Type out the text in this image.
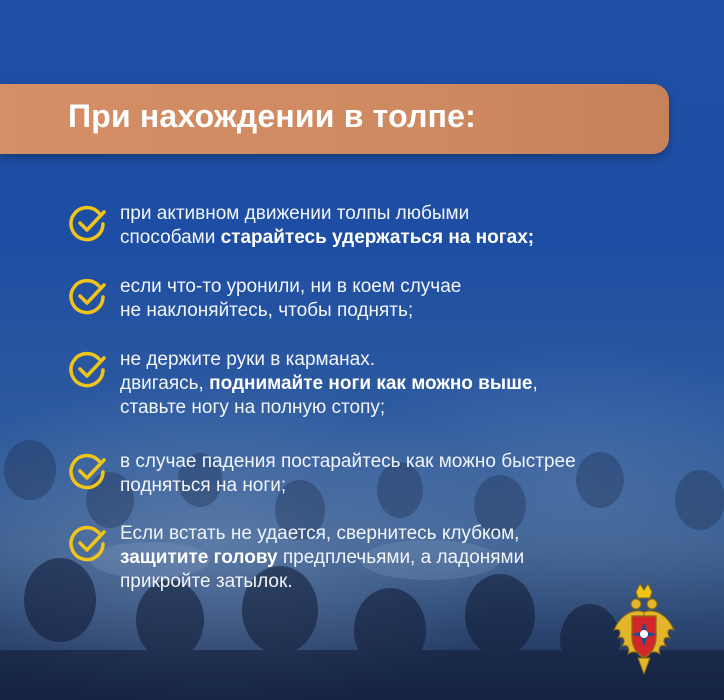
При нахождении в толпе:
при активном движении толпы любыми
способами старайтесь удержаться на ногах;
если что-то уронили, ни в коем случае
не наклоняйтесь, чтобы поднять;
не держите руки в карманах.
двигаясь, поднимайте ноги как можно выше,
ставьте ногу на полную стопу;
в случае падения постарайтесь как можно быстрее
подняться на ноги;
Если встать не удается, свернитесь клубком,
защитите голову предплечьями, а ладонями
прикройте затылок.
